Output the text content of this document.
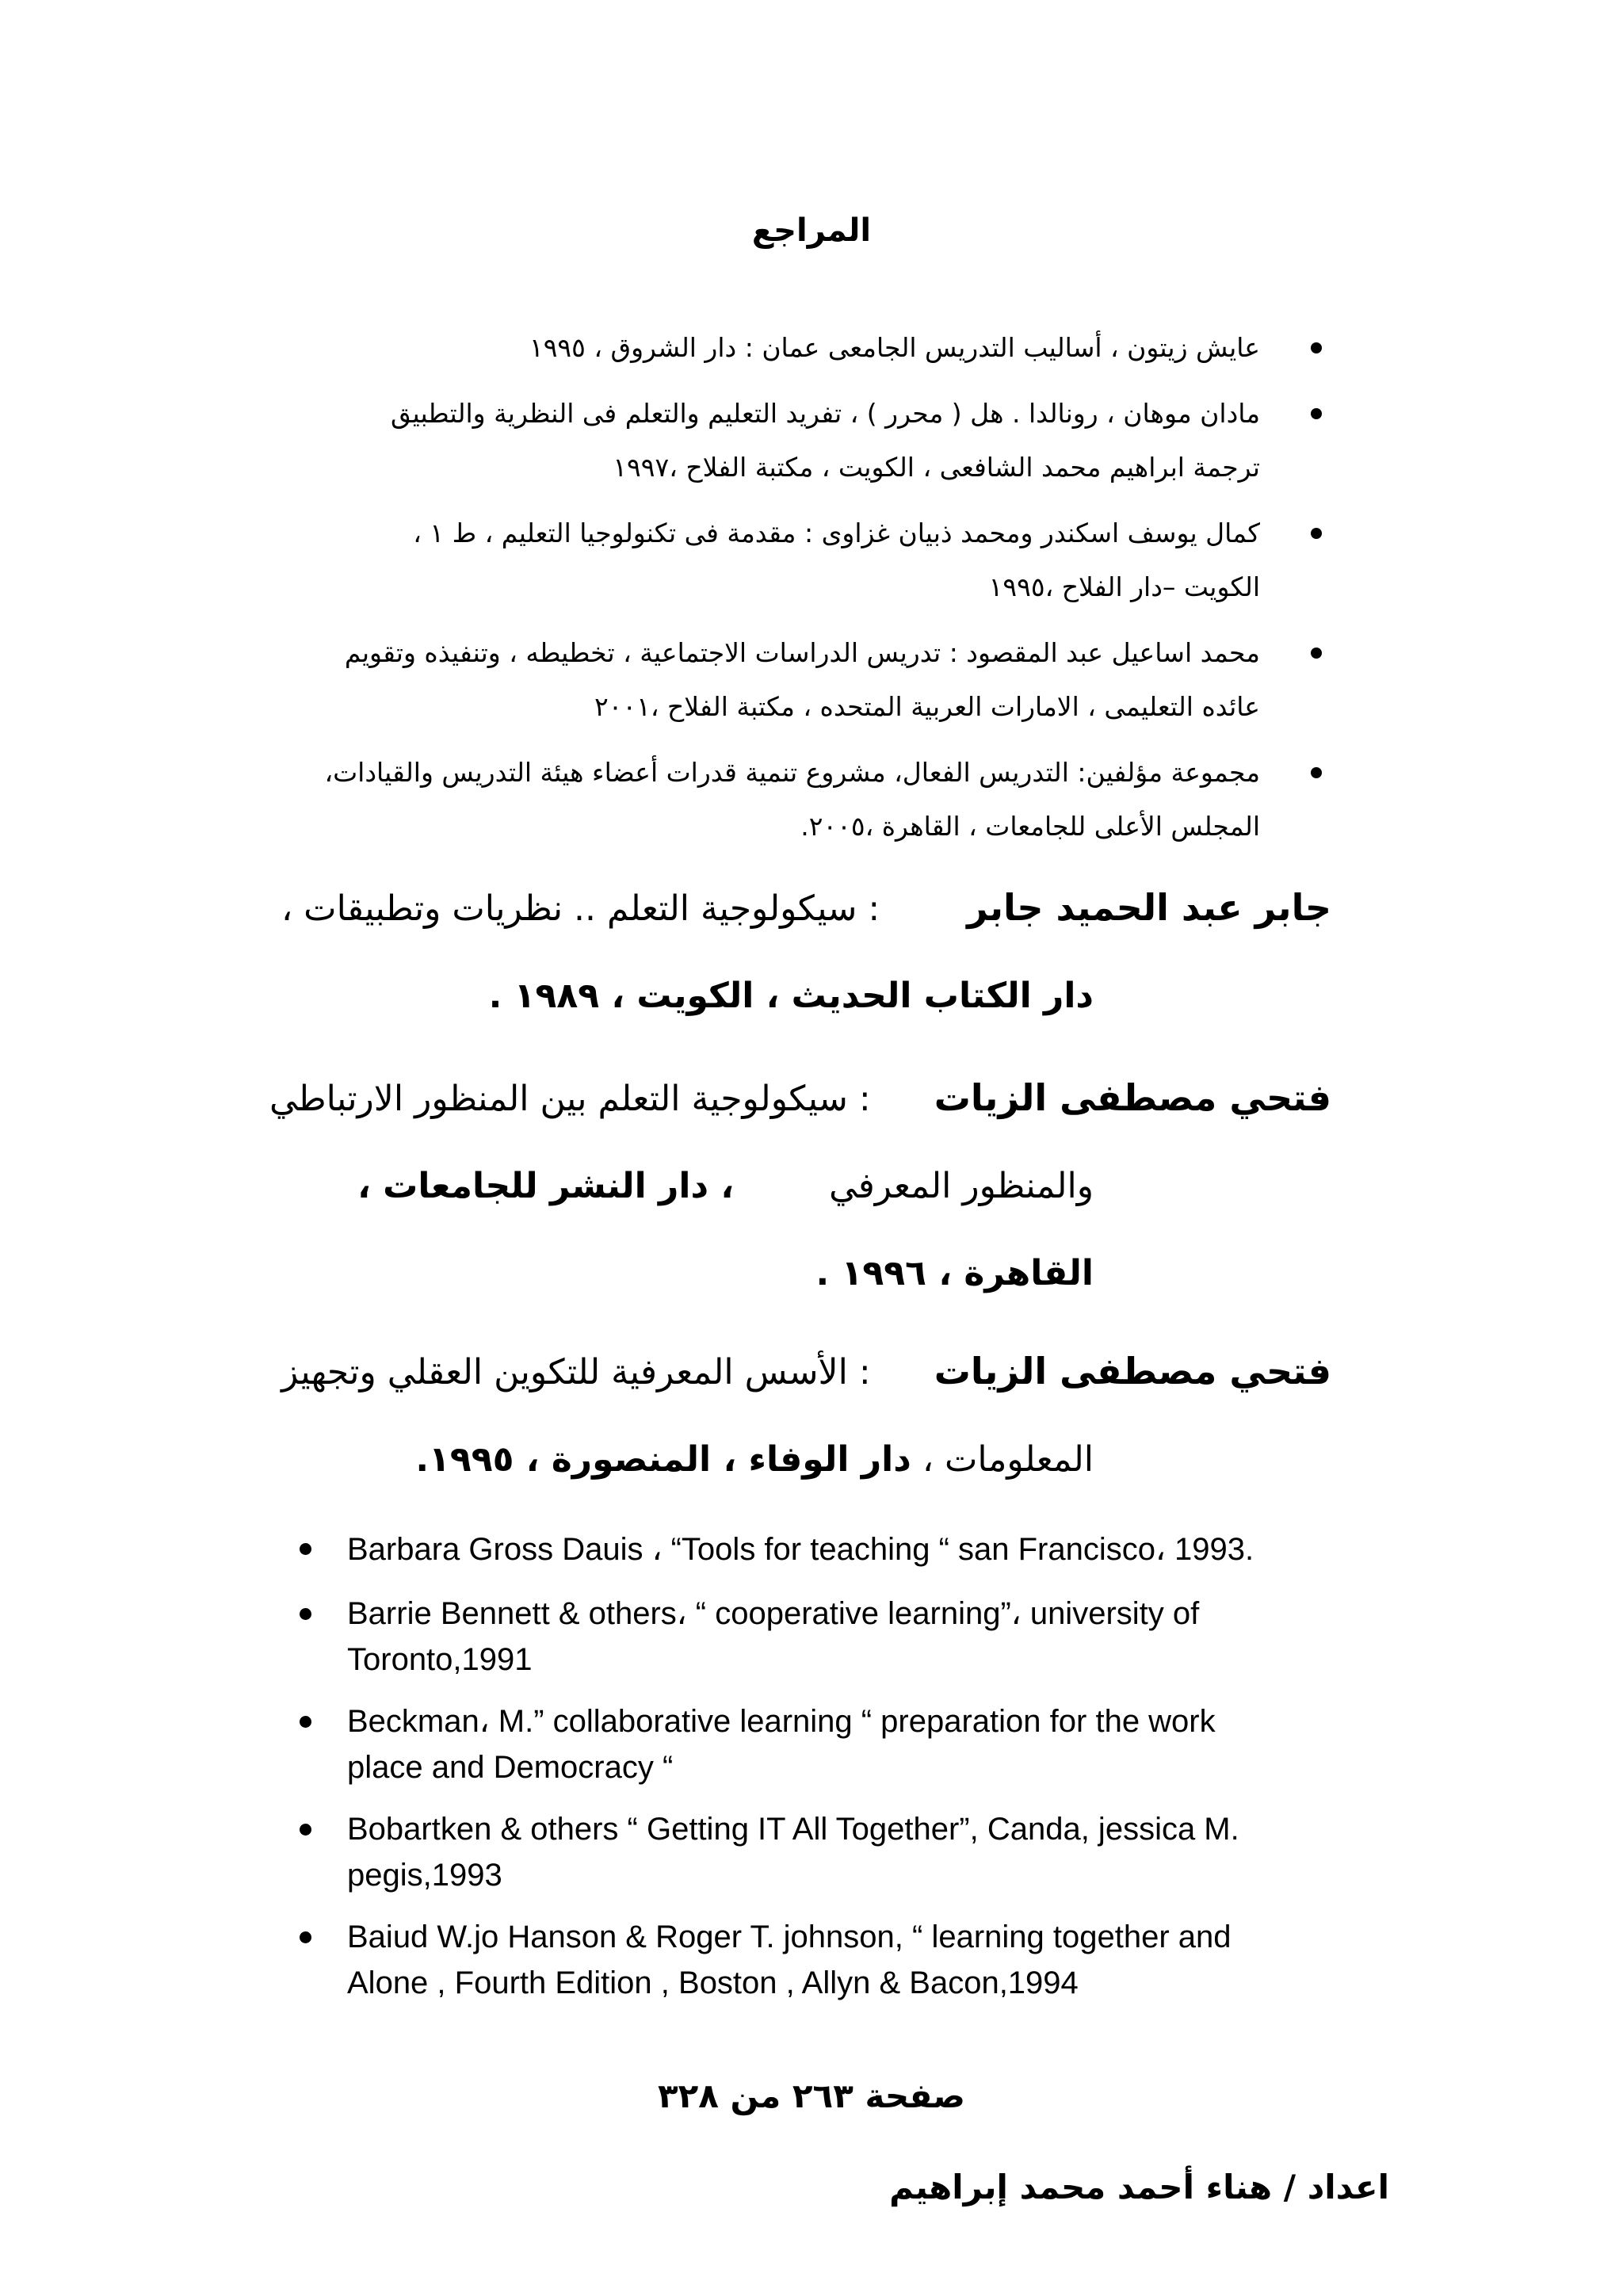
المراجع
عايش زيتون ، أساليب التدريس الجامعى عمان : دار الشروق ، ١٩٩٥
مادان موهان ، رونالدا . هل ( محرر ) ، تفريد التعليم والتعلم فى النظرية والتطبيق
ترجمة ابراهيم محمد الشافعى ، الكويت ، مكتبة الفلاح ،١٩٩٧
كمال يوسف اسكندر ومحمد ذبيان غزاوى : مقدمة فى تكنولوجيا التعليم ، ط ١ ،
الكويت –دار الفلاح ،١٩٩٥
محمد اساعيل عبد المقصود : تدريس الدراسات الاجتماعية ، تخطيطه ، وتنفيذه وتقويم
عائده التعليمى ، الامارات العربية المتحده ، مكتبة الفلاح ،٢٠٠١
مجموعة مؤلفين: التدريس الفعال، مشروع تنمية قدرات أعضاء هيئة التدريس والقيادات،
المجلس الأعلى للجامعات ، القاهرة ،٢٠٠٥.
جابر عبد الحميد جابر: سيكولوجية التعلم .. نظريات وتطبيقات ،
دار الكتاب الحديث ، الكويت ، ١٩٨٩ .
فتحي مصطفى الزيات: سيكولوجية التعلم بين المنظور الارتباطي
والمنظور المعرفي، دار النشر للجامعات ،
القاهرة ، ١٩٩٦ .
فتحي مصطفى الزيات: الأسس المعرفية للتكوين العقلي وتجهيز
المعلومات ،دار الوفاء ، المنصورة ، ١٩٩٥.
Barbara Gross Dauis ، “Tools for teaching “ san Francisco، 1993.
Barrie Bennett & others، “ cooperative learning”، university of
Toronto,1991
Beckman، M.” collaborative learning “ preparation for the work
place and Democracy “
Bobartken & others “ Getting IT All Together”, Canda, jessica M.
pegis,1993
Baiud W.jo Hanson & Roger T. johnson, “ learning together and
Alone , Fourth Edition , Boston , Allyn & Bacon,1994
صفحة ٢٦٣ من ٣٢٨
اعداد / هناء أحمد محمد إبراهيم
